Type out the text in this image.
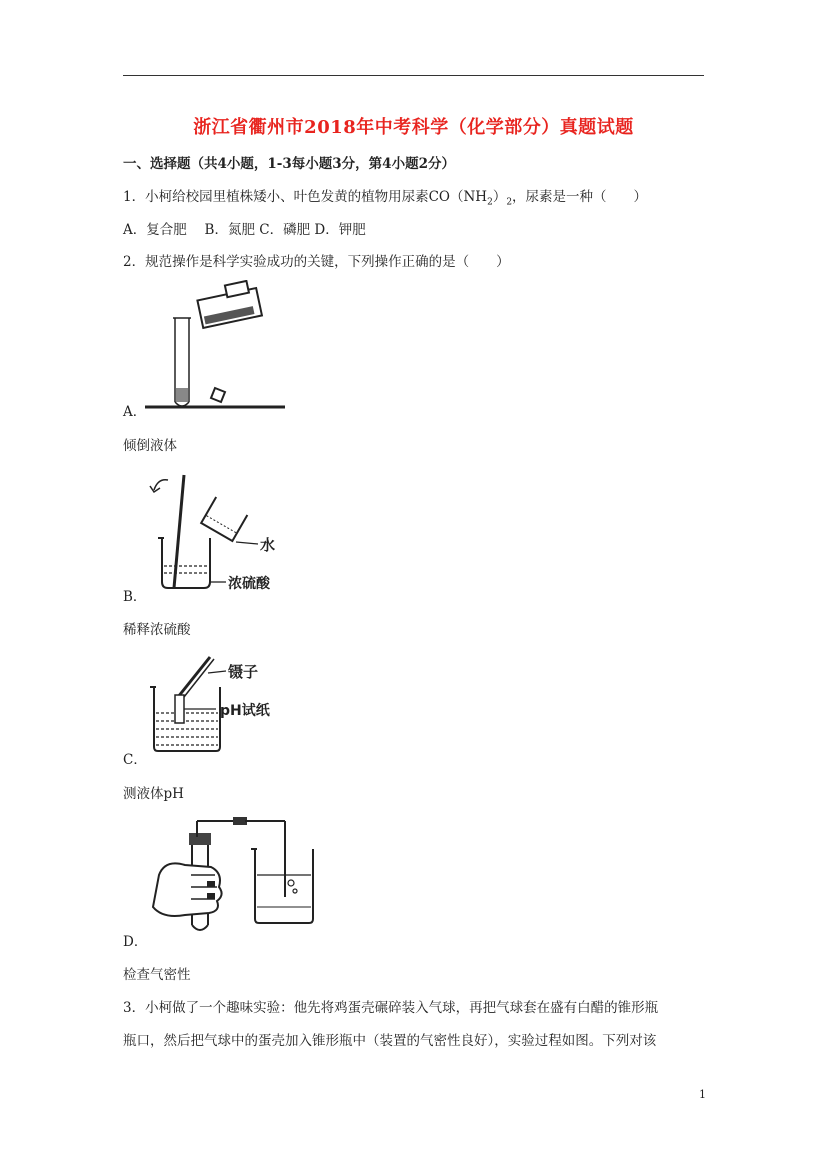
浙江省衢州市2018年中考科学（化学部分）真题试题
一、选择题（共4小题，1-3每小题3分，第4小题2分）
1．小柯给校园里植株矮小、叶色发黄的植物用尿素$CO(NH_2)_2$，尿素是一种（　　）
A．复合肥　 B．氮肥 C．磷肥 D．钾肥
2．规范操作是科学实验成功的关键，下列操作正确的是（　　）
A．
倾倒液体
水
浓硫酸
B．
稀释浓硫酸
镊子
pH试纸
C．
测液体pH
D．
检查气密性
3．小柯做了一个趣味实验：他先将鸡蛋壳碾碎装入气球，再把气球套在盛有白醋的锥形瓶
瓶口，然后把气球中的蛋壳加入锥形瓶中（装置的气密性良好），实验过程如图。下列对该
1
